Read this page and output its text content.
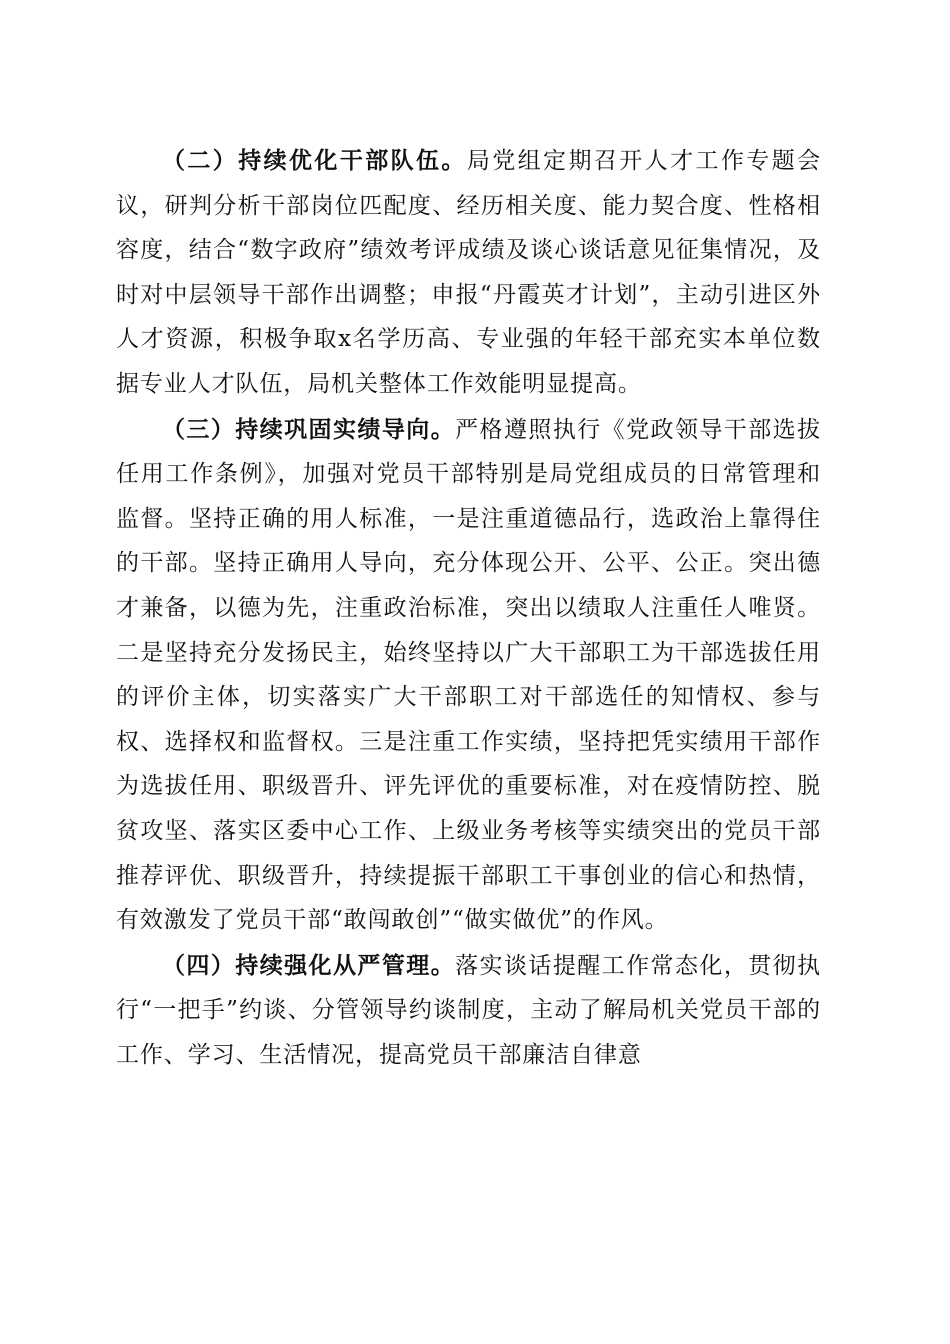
（二）持续优化干部队伍。局党组定期召开人才工作专题会议，研判分析干部岗位匹配度、经历相关度、能力契合度、性格相容度，结合“数字政府”绩效考评成绩及谈心谈话意见征集情况，及时对中层领导干部作出调整；申报“丹霞英才计划”，主动引进区外人才资源，积极争取x名学历高、专业强的年轻干部充实本单位数据专业人才队伍，局机关整体工作效能明显提高。

（三）持续巩固实绩导向。严格遵照执行《党政领导干部选拔任用工作条例》，加强对党员干部特别是局党组成员的日常管理和监督。坚持正确的用人标准，一是注重道德品行，选政治上靠得住的干部。坚持正确用人导向，充分体现公开、公平、公正。突出德才兼备，以德为先，注重政治标准，突出以绩取人注重任人唯贤。二是坚持充分发扬民主，始终坚持以广大干部职工为干部选拔任用的评价主体，切实落实广大干部职工对干部选任的知情权、参与权、选择权和监督权。三是注重工作实绩，坚持把凭实绩用干部作为选拔任用、职级晋升、评先评优的重要标准，对在疫情防控、脱贫攻坚、落实区委中心工作、上级业务考核等实绩突出的党员干部推荐评优、职级晋升，持续提振干部职工干事创业的信心和热情，有效激发了党员干部“敢闯敢创”“做实做优”的作风。

（四）持续强化从严管理。落实谈话提醒工作常态化，贯彻执行“一把手”约谈、分管领导约谈制度，主动了解局机关党员干部的工作、学习、生活情况，提高党员干部廉洁自律意
